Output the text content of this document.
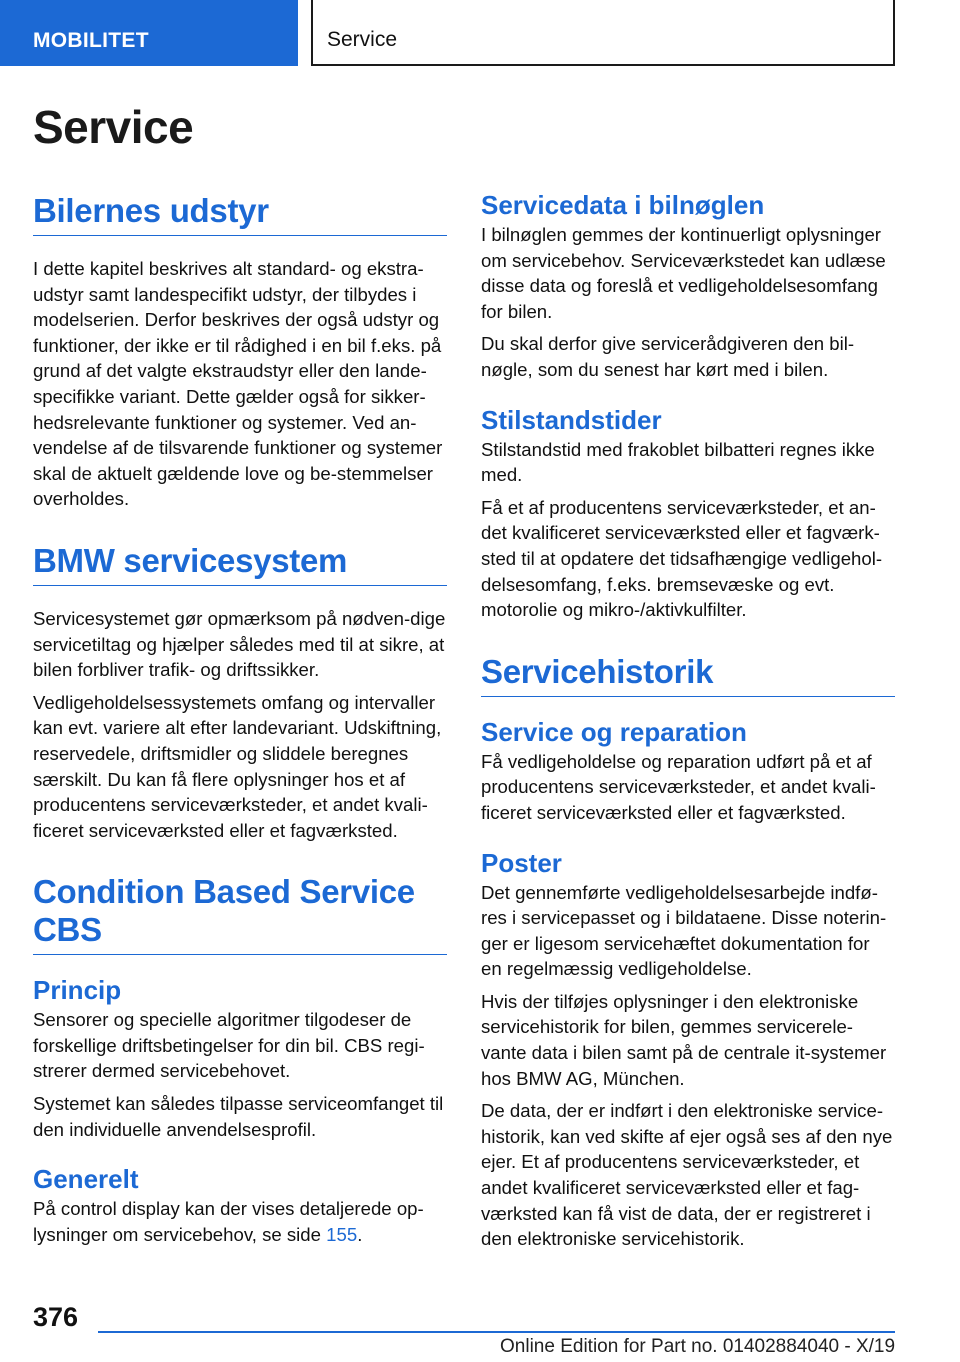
MOBILITET	Service
Service
Bilernes udstyr
I dette kapitel beskrives alt standard- og ekstra-udstyr samt landespecifikt udstyr, der tilbydes i modelserien. Derfor beskrives der også udstyr og funktioner, der ikke er til rådighed i en bil f.eks. på grund af det valgte ekstraudstyr eller den lande-specifikke variant. Dette gælder også for sikker-hedsrelevante funktioner og systemer. Ved an-vendelse af de tilsvarende funktioner og systemer skal de aktuelt gældende love og be-stemmelser overholdes.
BMW servicesystem
Servicesystemet gør opmærksom på nødven-dige servicetiltag og hjælper således med til at sikre, at bilen forbliver trafik- og driftssikker.
Vedligeholdelsessystemets omfang og intervaller kan evt. variere alt efter landevariant. Udskiftning, reservedele, driftsmidler og sliddele beregnes særskilt. Du kan få flere oplysninger hos et af producentens serviceværksteder, et andet kvali-ficeret serviceværksted eller et fagværksted.
Condition Based Service CBS
Princip
Sensorer og specielle algoritmer tilgodeser de forskellige driftsbetingelser for din bil. CBS regi-strerer dermed servicebehovet.
Systemet kan således tilpasse serviceomfanget til den individuelle anvendelsesprofil.
Generelt
På control display kan der vises detaljerede op-lysninger om servicebehov, se side 155.
Servicedata i bilnøglen
I bilnøglen gemmes der kontinuerligt oplysninger om servicebehov. Serviceværkstedet kan udlæse disse data og foreslå et vedligeholdelsesomfang for bilen.
Du skal derfor give servicerådgiveren den bil-nøgle, som du senest har kørt med i bilen.
Stilstandstider
Stilstandstid med frakoblet bilbatteri regnes ikke med.
Få et af producentens serviceværksteder, et an-det kvalificeret serviceværksted eller et fagværk-sted til at opdatere det tidsafhængige vedligehol-delsesomfang, f.eks. bremsevæske og evt. motorolie og mikro-/aktivkulfilter.
Servicehistorik
Service og reparation
Få vedligeholdelse og reparation udført på et af producentens serviceværksteder, et andet kvali-ficeret serviceværksted eller et fagværksted.
Poster
Det gennemførte vedligeholdelsesarbejde indfø-res i servicepasset og i bildataene. Disse noterin-ger er ligesom servicehæftet dokumentation for en regelmæssig vedligeholdelse.
Hvis der tilføjes oplysninger i den elektroniske servicehistorik for bilen, gemmes servicerele-vante data i bilen samt på de centrale it-systemer hos BMW AG, München.
De data, der er indført i den elektroniske service-historik, kan ved skifte af ejer også ses af den nye ejer. Et af producentens serviceværksteder, et andet kvalificeret serviceværksted eller et fag-værksted kan få vist de data, der er registreret i den elektroniske servicehistorik.
376
Online Edition for Part no. 01402884040 - X/19
